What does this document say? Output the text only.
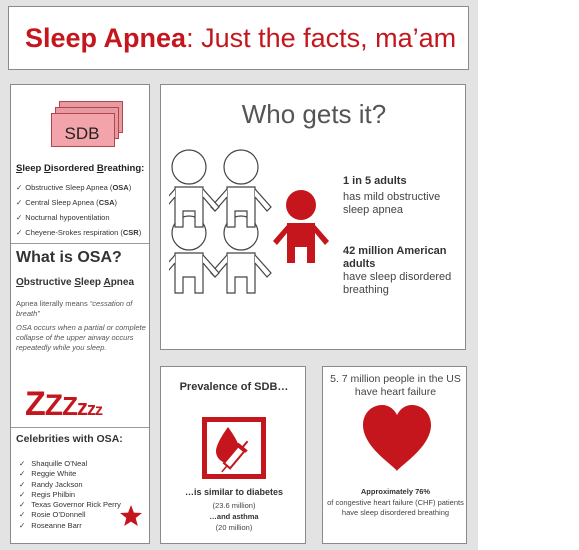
Sleep Apnea: Just the facts, ma’am
SDB
Sleep Disordered Breathing:
✓ Obstructive Sleep Apnea (OSA)
✓ Central Sleep Apnea (CSA)
✓ Nocturnal hypoventilation
✓ Cheyene-Srokes respiration (CSR)
What is OSA?
Obstructive Sleep Apnea
Apnea literally means “cessation of breath”
OSA occurs when a partial or complete collapse of the upper airway occurs repeatedly while you sleep.
ZZZzzz
Celebrities with OSA:
✓ Shaquille O’Neal
✓ Reggie White
✓ Randy Jackson
✓ Regis Philbin
✓ Texas Governor Rick Perry
✓ Rosie O’Donnell
✓ Roseanne Barr
Who gets it?
1 in 5 adults
has mild obstructive sleep apnea
42 million American adults
have sleep disordered breathing
Prevalence of SDB…
…is similar to diabetes
(23.6 million)
…and asthma
(20 million)
5. 7 million people in the US have heart failure
Approximately 76%
of congestive heart failure (CHF) patients have sleep disordered breathing
